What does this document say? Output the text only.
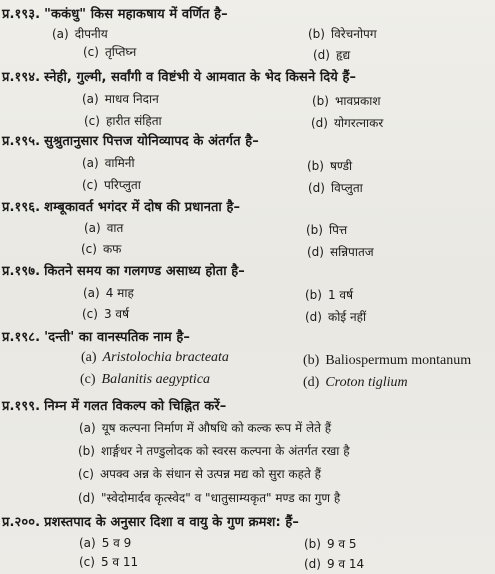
प्र.१९३. "ककंधु" किस महाकषाय में वर्णित है–
(a) दीपनीय	(b) विरेचनोपग
(c) तृप्तिघ्न	(d) हृद्य
प्र.१९४. स्नेही, गुल्मी, सर्वांगी व विष्टंभी ये आमवात के भेद किसने दिये हैं–
(a) माधव निदान	(b) भावप्रकाश
(c) हारीत संहिता	(d) योगरत्नाकर
प्र.१९५. सुश्रुतानुसार पित्तज योनिव्यापद के अंतर्गत है–
(a) वामिनी	(b) षण्डी
(c) परिप्लुता	(d) विप्लुता
प्र.१९६. शम्बूकावर्त भगंदर में दोष की प्रधानता है–
(a) वात	(b) पित्त
(c) कफ	(d) सन्निपातज
प्र.१९७. कितने समय का गलगण्ड असाध्य होता है–
(a) 4 माह	(b) 1 वर्ष
(c) 3 वर्ष	(d) कोई नहीं
प्र.१९८. 'दन्ती' का वानस्पतिक नाम है–
(a) Aristolochia bracteata	(b) Baliospermum montanum
(c) Balanitis aegyptica	(d) Croton tiglium
प्र.१९९. निम्न में गलत विकल्प को चिह्नित करें–
(a) यूष कल्पना निर्माण में औषधि को कल्क रूप में लेते हैं
(b) शार्ङ्गधर ने तण्डुलोदक को स्वरस कल्पना के अंतर्गत रखा है
(c) अपक्व अन्न के संधान से उत्पन्न मद्य को सुरा कहते हैं
(d) "स्वेदोमार्दव कृत्स्वेद" व "धातुसाम्यकृत" मण्ड का गुण है
प्र.२००. प्रशस्तपाद के अनुसार दिशा व वायु के गुण क्रमश: हैं–
(a) 5 व 9	(b) 9 व 5
(c) 5 व 11	(d) 9 व 14
